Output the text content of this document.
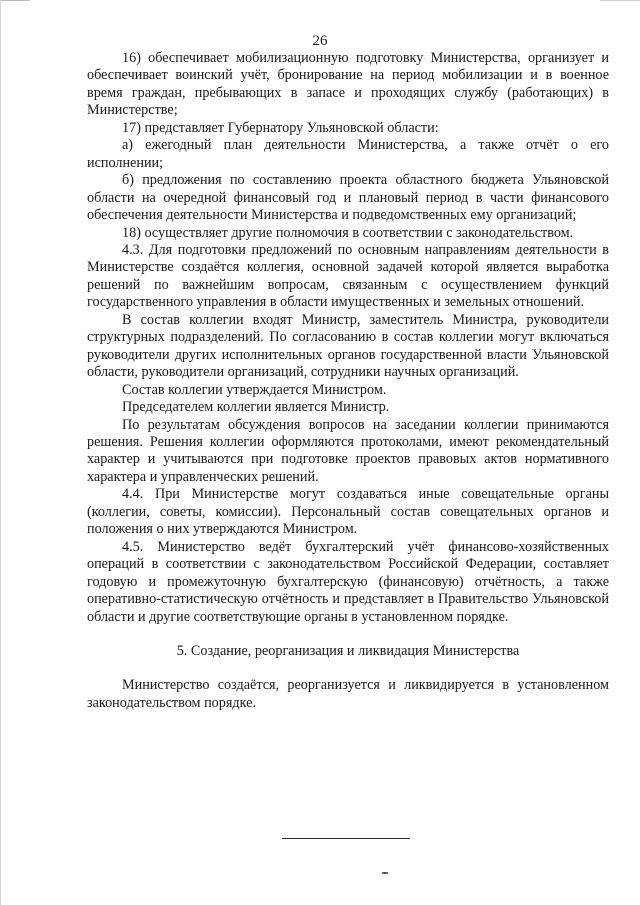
26

16) обеспечивает мобилизационную подготовку Министерства, организует и обеспечивает воинский учёт, бронирование на период мобилизации и в военное время граждан, пребывающих в запасе и проходящих службу (работающих) в Министерстве;

17) представляет Губернатору Ульяновской области:

а) ежегодный план деятельности Министерства, а также отчёт о его исполнении;

б) предложения по составлению проекта областного бюджета Ульяновской области на очередной финансовый год и плановый период в части финансового обеспечения деятельности Министерства и подведомственных ему организаций;

18) осуществляет другие полномочия в соответствии с законодательством.

4.3. Для подготовки предложений по основным направлениям деятельности в Министерстве создаётся коллегия, основной задачей которой является выработка решений по важнейшим вопросам, связанным с осуществлением функций государственного управления в области имущественных и земельных отношений.

В состав коллегии входят Министр, заместитель Министра, руководители структурных подразделений. По согласованию в состав коллегии могут включаться руководители других исполнительных органов государственной власти Ульяновской области, руководители организаций, сотрудники научных организаций.

Состав коллегии утверждается Министром.

Председателем коллегии является Министр.

По результатам обсуждения вопросов на заседании коллегии принимаются решения. Решения коллегии оформляются протоколами, имеют рекомендательный характер и учитываются при подготовке проектов правовых актов нормативного характера и управленческих решений.

4.4. При Министерстве могут создаваться иные совещательные органы (коллегии, советы, комиссии). Персональный состав совещательных органов и положения о них утверждаются Министром.

4.5. Министерство ведёт бухгалтерский учёт финансово-хозяйственных операций в соответствии с законодательством Российской Федерации, составляет годовую и промежуточную бухгалтерскую (финансовую) отчётность, а также оперативно-статистическую отчётность и представляет в Правительство Ульяновской области и другие соответствующие органы в установленном порядке.

5. Создание, реорганизация и ликвидация Министерства

Министерство создаётся, реорганизуется и ликвидируется в установленном законодательством порядке.
